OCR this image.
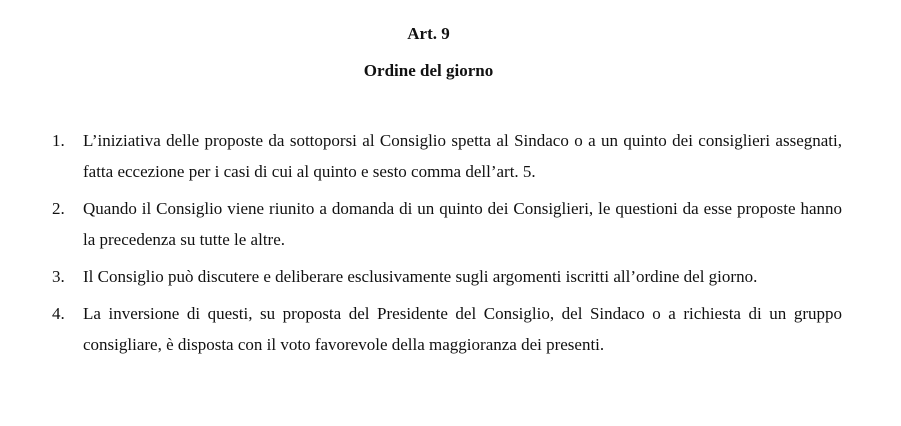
Art. 9
Ordine del giorno
1. L’iniziativa delle proposte da sottoporsi al Consiglio spetta al Sindaco o a un quinto dei consiglieri assegnati, fatta eccezione per i casi di cui al quinto e sesto comma dell’art. 5.
2. Quando il Consiglio viene riunito a domanda di un quinto dei Consiglieri, le questioni da esse proposte hanno la precedenza su tutte le altre.
3. Il Consiglio può discutere e deliberare esclusivamente sugli argomenti iscritti all’ordine del giorno.
4. La inversione di questi, su proposta del Presidente del Consiglio, del Sindaco o a richiesta di un gruppo consigliare, è disposta con il voto favorevole della maggioranza dei presenti.
